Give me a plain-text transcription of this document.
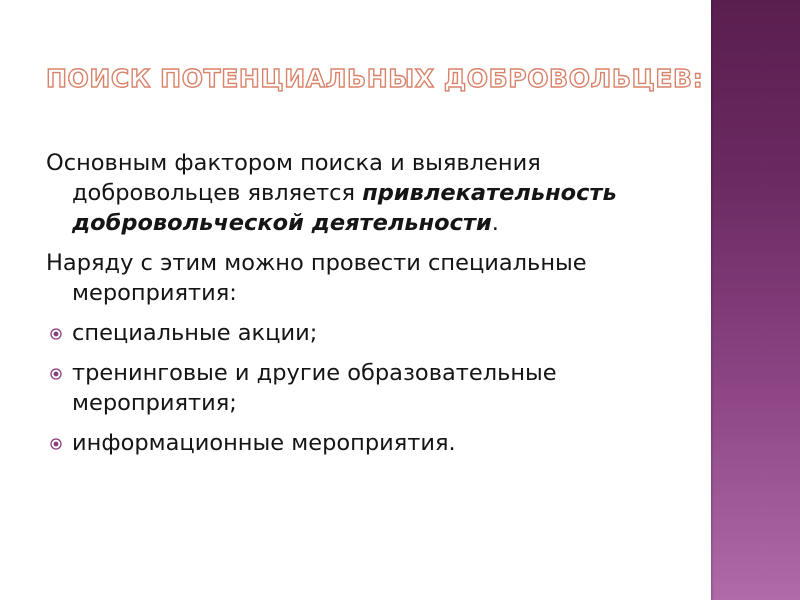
ПОИСК ПОТЕНЦИАЛЬНЫХ ДОБРОВОЛЬЦЕВ:

Основным фактором поиска и выявления добровольцев является привлекательность добровольческой деятельности.

Наряду с этим можно провести специальные мероприятия:

специальные акции;
тренинговые и другие образовательные мероприятия;
информационные мероприятия.
